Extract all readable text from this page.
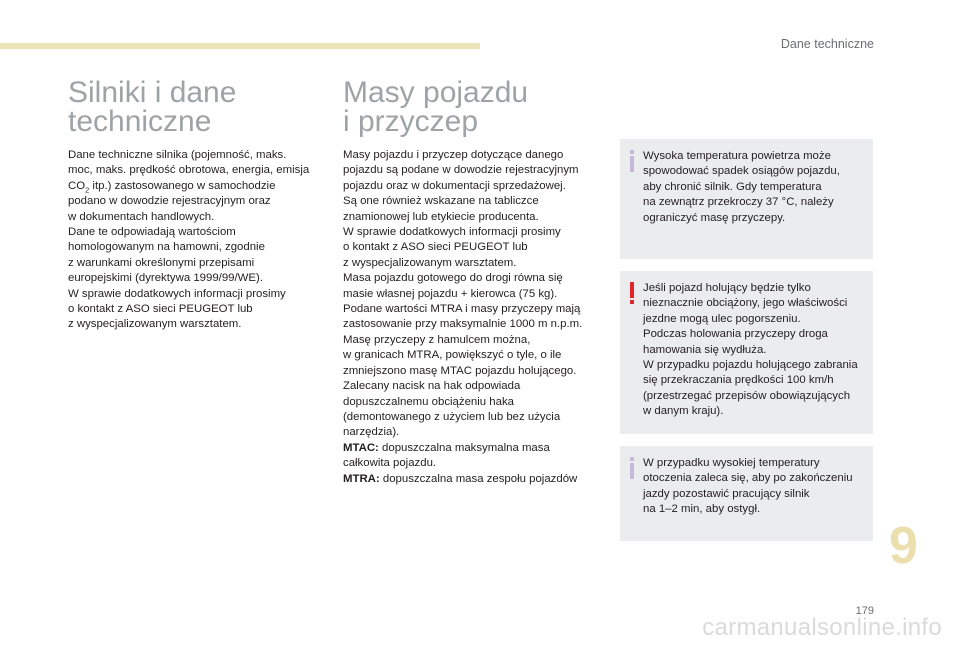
Dane techniczne
Silniki i dane
techniczne
Dane techniczne silnika (pojemność, maks.
moc, maks. prędkość obrotowa, energia, emisja
$CO_2$ itp.) zastosowanego w samochodzie
podano w dowodzie rejestracyjnym oraz
w dokumentach handlowych.
Dane te odpowiadają wartościom
homologowanym na hamowni, zgodnie
z warunkami określonymi przepisami
europejskimi (dyrektywa 1999/99/WE).
W sprawie dodatkowych informacji prosimy
o kontakt z ASO sieci PEUGEOT lub
z wyspecjalizowanym warsztatem.
Masy pojazdu
i przyczep
Masy pojazdu i przyczep dotyczące danego
pojazdu są podane w dowodzie rejestracyjnym
pojazdu oraz w dokumentacji sprzedażowej.
Są one również wskazane na tabliczce
znamionowej lub etykiecie producenta.
W sprawie dodatkowych informacji prosimy
o kontakt z ASO sieci PEUGEOT lub
z wyspecjalizowanym warsztatem.
Masa pojazdu gotowego do drogi równa się
masie własnej pojazdu + kierowca (75 kg).
Podane wartości MTRA i masy przyczepy mają
zastosowanie przy maksymalnie 1000 m n.p.m.
Masę przyczepy z hamulcem można,
w granicach MTRA, powiększyć o tyle, o ile
zmniejszono masę MTAC pojazdu holującego.
Zalecany nacisk na hak odpowiada
dopuszczalnemu obciążeniu haka
(demontowanego z użyciem lub bez użycia
narzędzia).
MTAC: dopuszczalna maksymalna masa
całkowita pojazdu.
MTRA: dopuszczalna masa zespołu pojazdów
Wysoka temperatura powietrza może
spowodować spadek osiągów pojazdu,
aby chronić silnik. Gdy temperatura
na zewnątrz przekroczy 37 °C, należy
ograniczyć masę przyczepy.
Jeśli pojazd holujący będzie tylko
nieznacznie obciążony, jego właściwości
jezdne mogą ulec pogorszeniu.
Podczas holowania przyczepy droga
hamowania się wydłuża.
W przypadku pojazdu holującego zabrania
się przekraczania prędkości 100 km/h
(przestrzegać przepisów obowiązujących
w danym kraju).
W przypadku wysokiej temperatury
otoczenia zaleca się, aby po zakończeniu
jazdy pozostawić pracujący silnik
na 1–2 min, aby ostygł.
9
179
carmanualsonline.info
